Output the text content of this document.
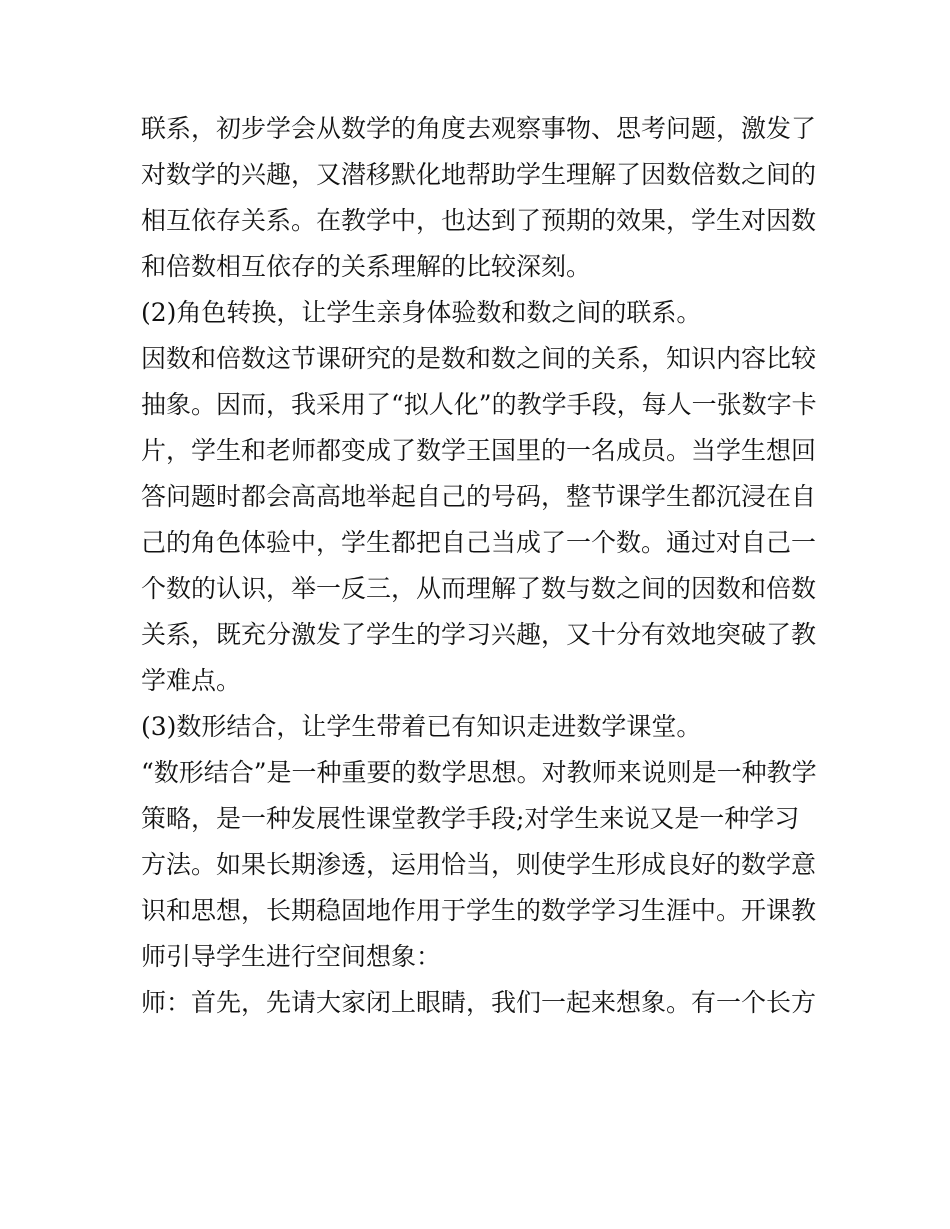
联系，初步学会从数学的角度去观察事物、思考问题，激发了
对数学的兴趣，又潜移默化地帮助学生理解了因数倍数之间的
相互依存关系。在教学中，也达到了预期的效果，学生对因数
和倍数相互依存的关系理解的比较深刻。
(2)角色转换，让学生亲身体验数和数之间的联系。
因数和倍数这节课研究的是数和数之间的关系，知识内容比较
抽象。因而，我采用了“拟人化”的教学手段，每人一张数字卡
片，学生和老师都变成了数学王国里的一名成员。当学生想回
答问题时都会高高地举起自己的号码，整节课学生都沉浸在自
己的角色体验中，学生都把自己当成了一个数。通过对自己一
个数的认识，举一反三，从而理解了数与数之间的因数和倍数
关系，既充分激发了学生的学习兴趣，又十分有效地突破了教
学难点。
(3)数形结合，让学生带着已有知识走进数学课堂。
“数形结合”是一种重要的数学思想。对教师来说则是一种教学
策略，是一种发展性课堂教学手段;对学生来说又是一种学习
方法。如果长期渗透，运用恰当，则使学生形成良好的数学意
识和思想，长期稳固地作用于学生的数学学习生涯中。开课教
师引导学生进行空间想象：
师：首先，先请大家闭上眼睛，我们一起来想象。有一个长方
